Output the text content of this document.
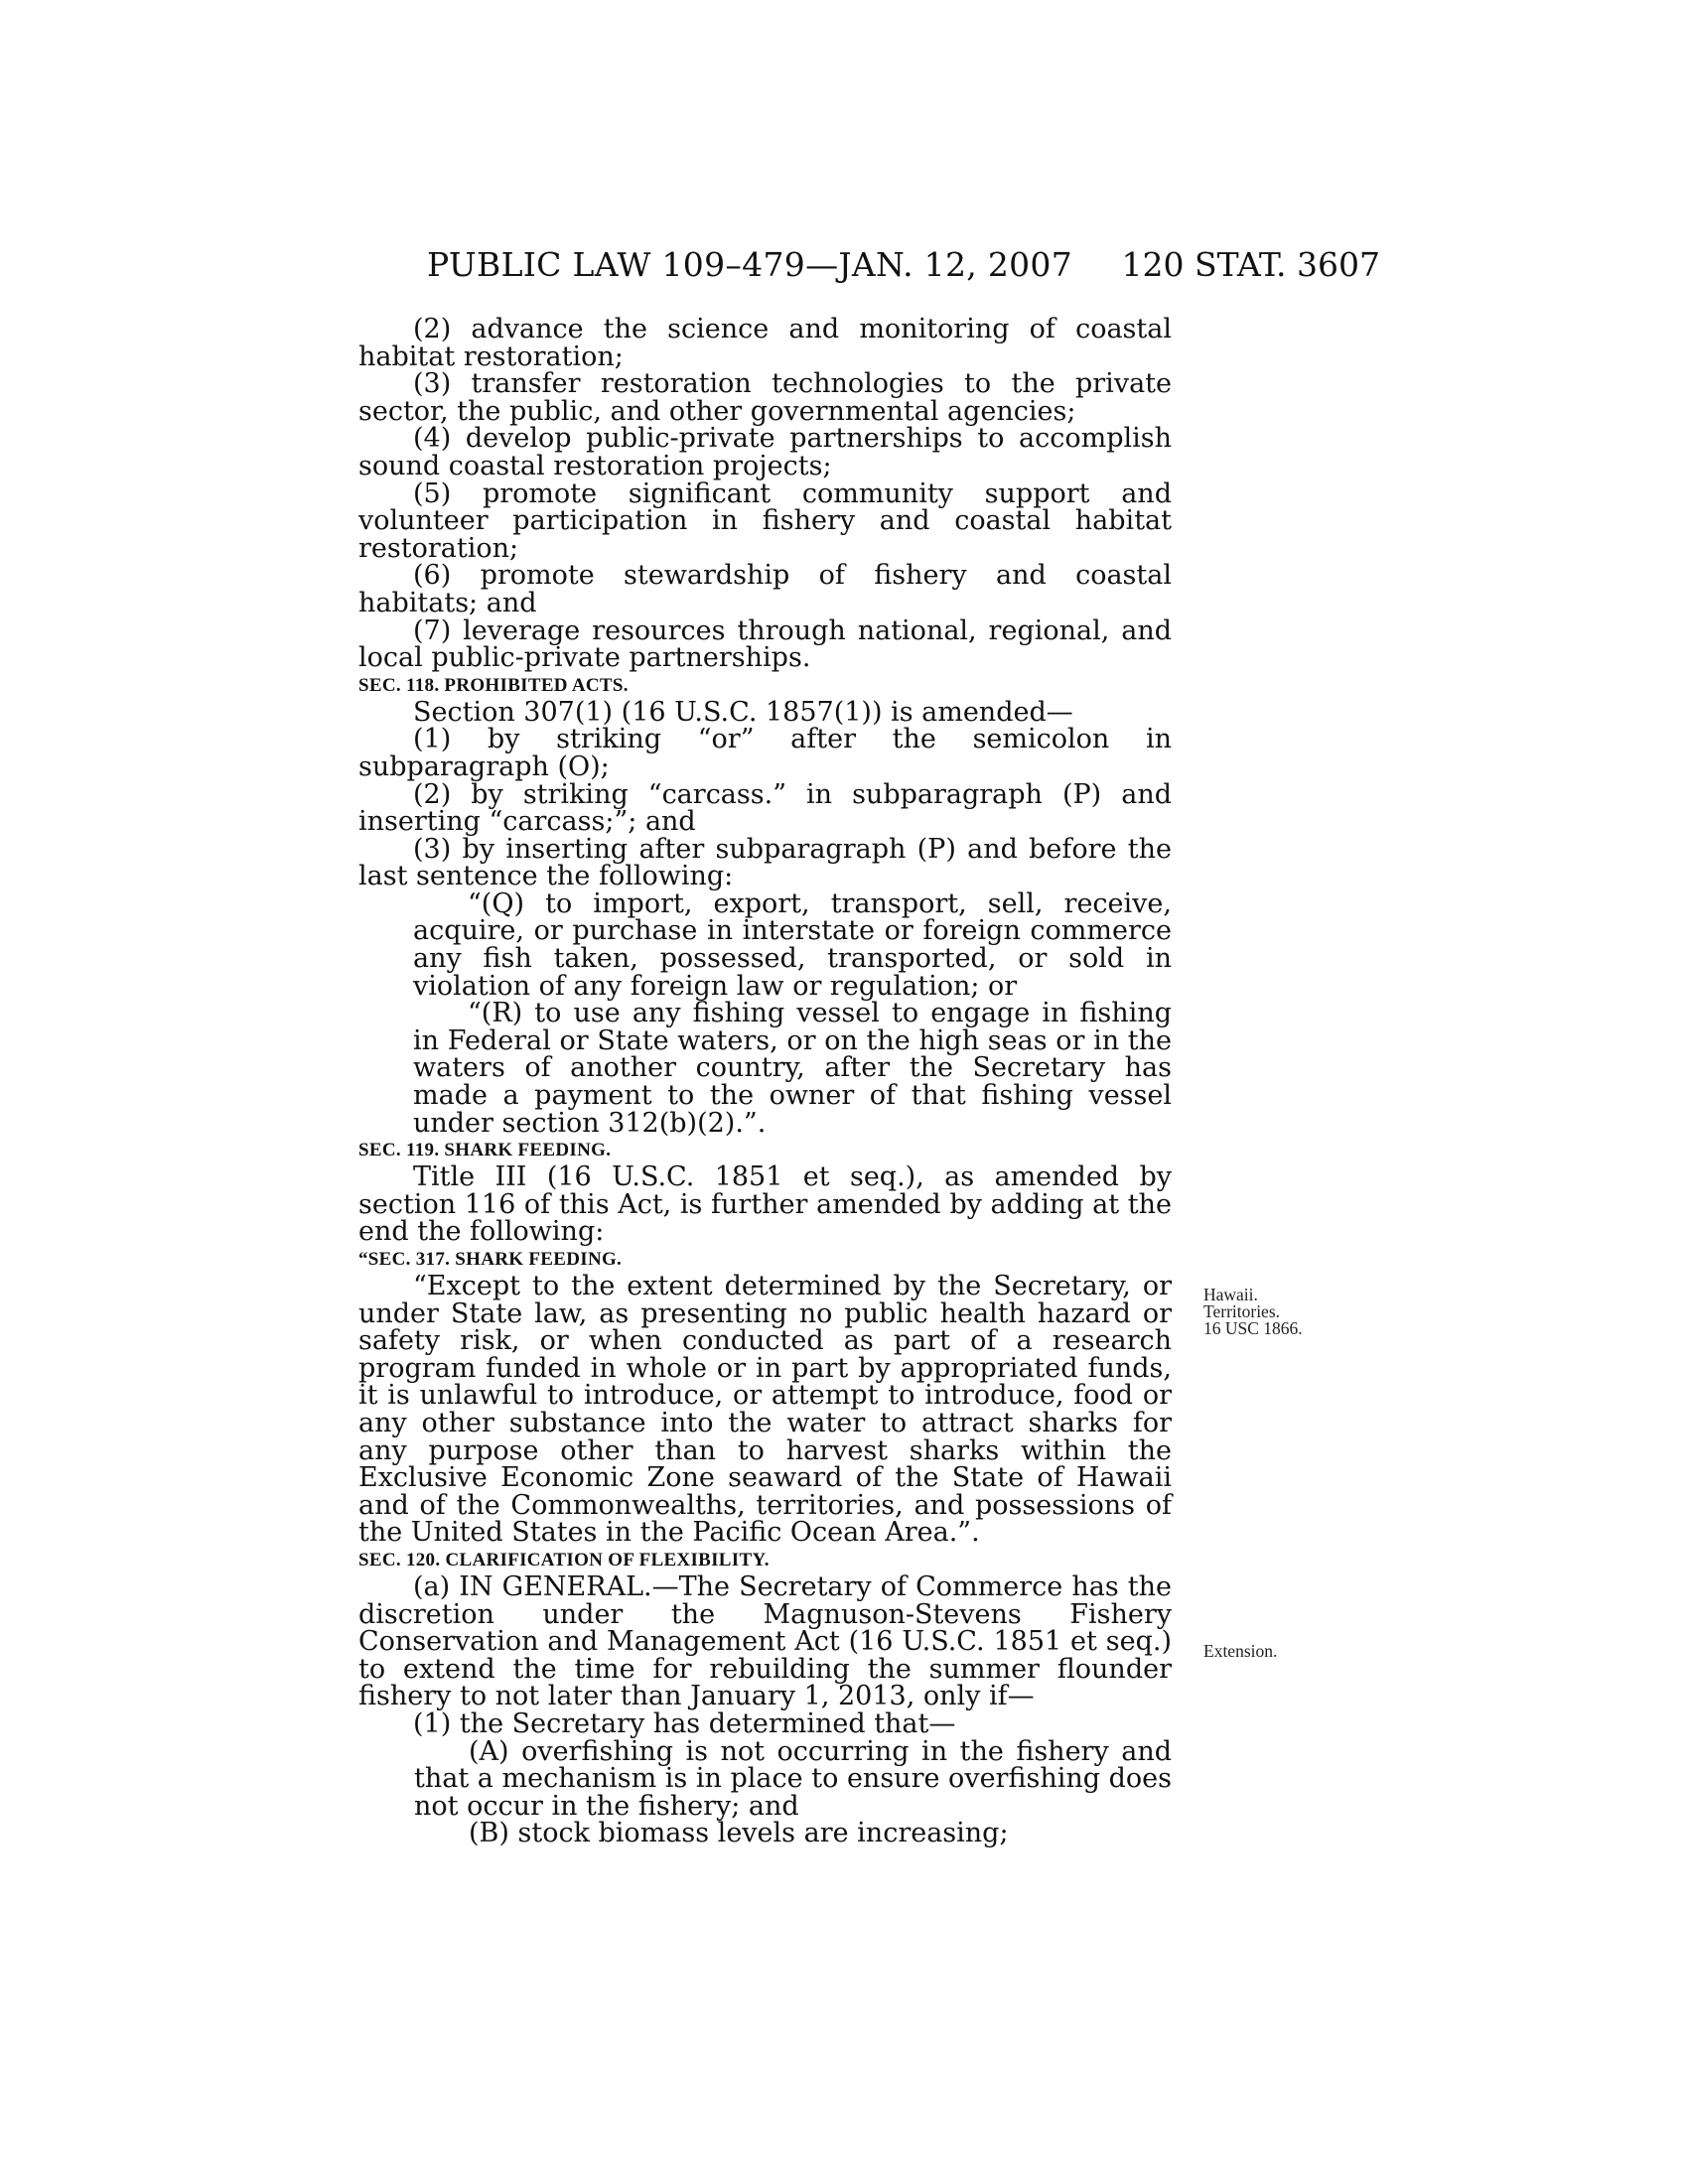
PUBLIC LAW 109–479—JAN. 12, 2007 120 STAT. 3607

(2) advance the science and monitoring of coastal habitat restoration;

(3) transfer restoration technologies to the private sector, the public, and other governmental agencies;

(4) develop public-private partnerships to accomplish sound coastal restoration projects;

(5) promote significant community support and volunteer participation in fishery and coastal habitat restoration;

(6) promote stewardship of fishery and coastal habitats; and

(7) leverage resources through national, regional, and local public-private partnerships.

SEC. 118. PROHIBITED ACTS.

Section 307(1) (16 U.S.C. 1857(1)) is amended—

(1) by striking “or” after the semicolon in subparagraph (O);

(2) by striking “carcass.” in subparagraph (P) and inserting “carcass;”; and

(3) by inserting after subparagraph (P) and before the last sentence the following:

“(Q) to import, export, transport, sell, receive, acquire, or purchase in interstate or foreign commerce any fish taken, possessed, transported, or sold in violation of any foreign law or regulation; or

“(R) to use any fishing vessel to engage in fishing in Federal or State waters, or on the high seas or in the waters of another country, after the Secretary has made a payment to the owner of that fishing vessel under section 312(b)(2).”.

SEC. 119. SHARK FEEDING.

Title III (16 U.S.C. 1851 et seq.), as amended by section 116 of this Act, is further amended by adding at the end the following:

“SEC. 317. SHARK FEEDING.

“Except to the extent determined by the Secretary, or under State law, as presenting no public health hazard or safety risk, or when conducted as part of a research program funded in whole or in part by appropriated funds, it is unlawful to introduce, or attempt to introduce, food or any other substance into the water to attract sharks for any purpose other than to harvest sharks within the Exclusive Economic Zone seaward of the State of Hawaii and of the Commonwealths, territories, and possessions of the United States in the Pacific Ocean Area.”.

SEC. 120. CLARIFICATION OF FLEXIBILITY.

(a) IN GENERAL.—The Secretary of Commerce has the discretion under the Magnuson-Stevens Fishery Conservation and Management Act (16 U.S.C. 1851 et seq.) to extend the time for rebuilding the summer flounder fishery to not later than January 1, 2013, only if—

(1) the Secretary has determined that—

(A) overfishing is not occurring in the fishery and that a mechanism is in place to ensure overfishing does not occur in the fishery; and

(B) stock biomass levels are increasing;

Hawaii.
Territories.
16 USC 1866.
Extension.
